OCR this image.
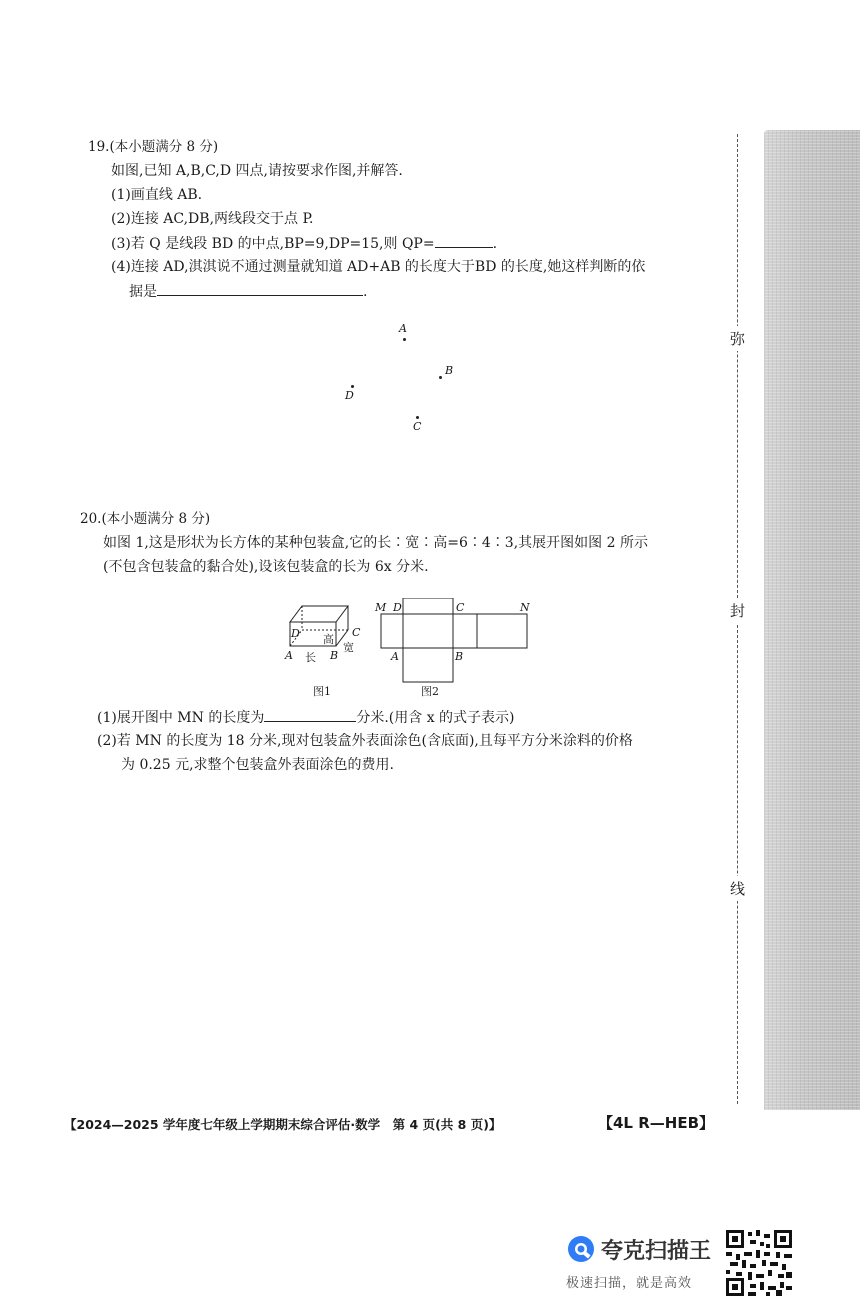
19.(本小题满分 8 分)
如图,已知 A,B,C,D 四点,请按要求作图,并解答.
(1)画直线 AB.
(2)连接 AC,DB,两线段交于点 P.
(3)若 Q 是线段 BD 的中点,BP=9,DP=15,则 QP=	.
(4)连接 AD,淇淇说不通过测量就知道 AD+AB 的长度大于BD 的长度,她这样判断的依
据是	.
A
B
D
C
20.(本小题满分 8 分)
如图 1,这是形状为长方体的某种包装盒,它的长∶宽∶高=6∶4∶3,其展开图如图 2 所示
(不包含包装盒的黏合处),设该包装盒的长为 6x 分米.
D
A	B
C
长
宽
高
图1
M D	C	N
A	B
图2
(1)展开图中 MN 的长度为	分米.(用含 x 的式子表示)
(2)若 MN 的长度为 18 分米,现对包装盒外表面涂色(含底面),且每平方分米涂料的价格
为 0.25 元,求整个包装盒外表面涂色的费用.
弥
封
线
【2024—2025 学年度七年级上学期期末综合评估·数学　第 4 页(共 8 页)】	【4L R—HEB】
夸克扫描王
极速扫描，就是高效
